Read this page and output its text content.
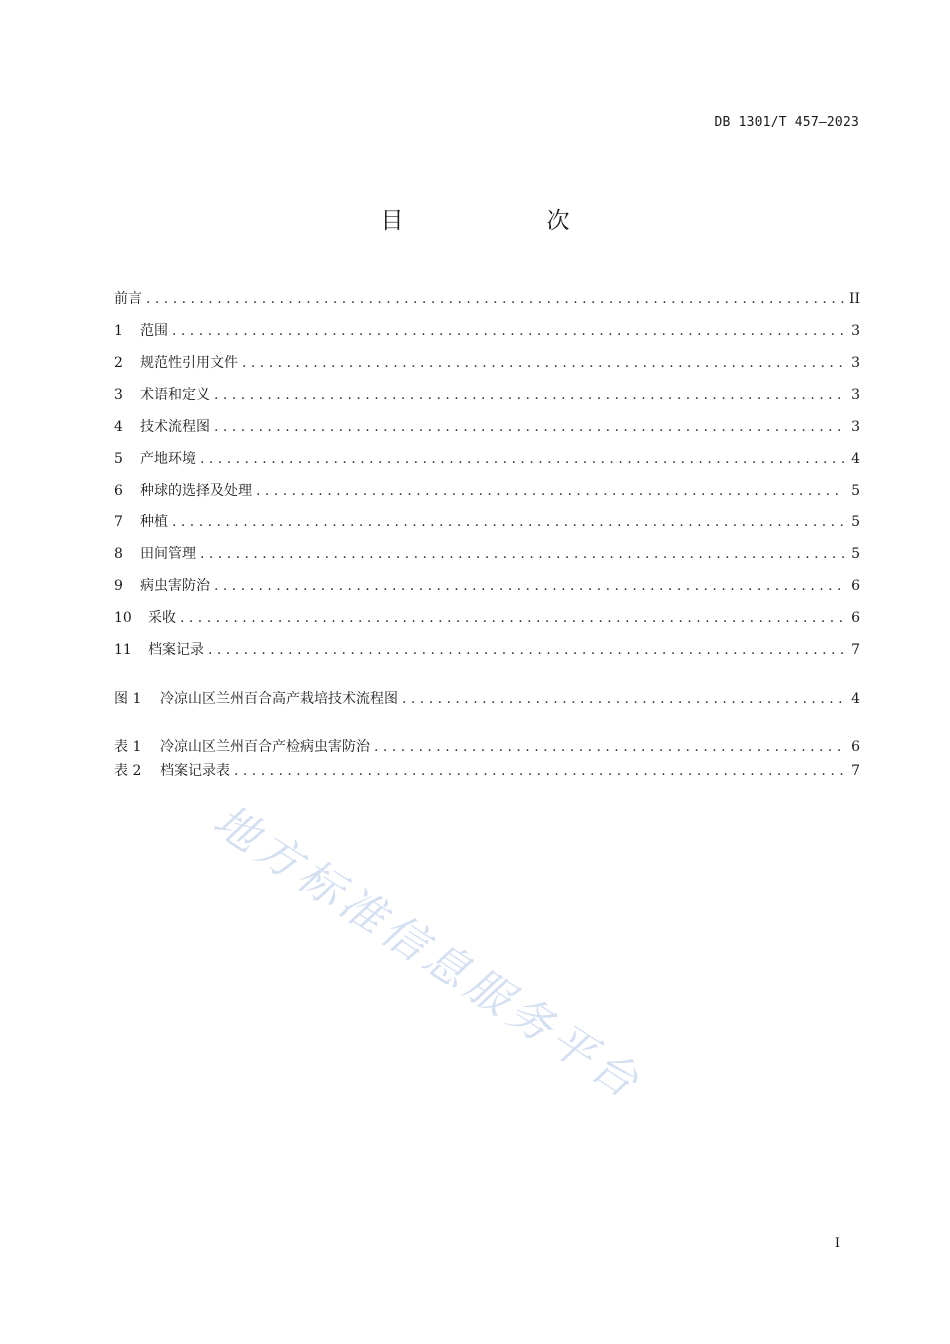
DB 1301/T 457—2023
目　次
前言 . . .	II
1	范围 . . .	3
2	规范性引用文件 . . .	3
3	术语和定义 . . .	3
4	技术流程图 . . .	3
5	产地环境 . . .	4
6	种球的选择及处理 . . .	5
7	种植 . . .	5
8	田间管理 . . .	5
9	病虫害防治 . . .	6
10	采收 . . .	6
11	档案记录 . . .	7
图 1	冷凉山区兰州百合高产栽培技术流程图 . . .	4
表 1	冷凉山区兰州百合产检病虫害防治 . . .	6
表 2	档案记录表 . . .	7
地方标准信息服务平台
I
